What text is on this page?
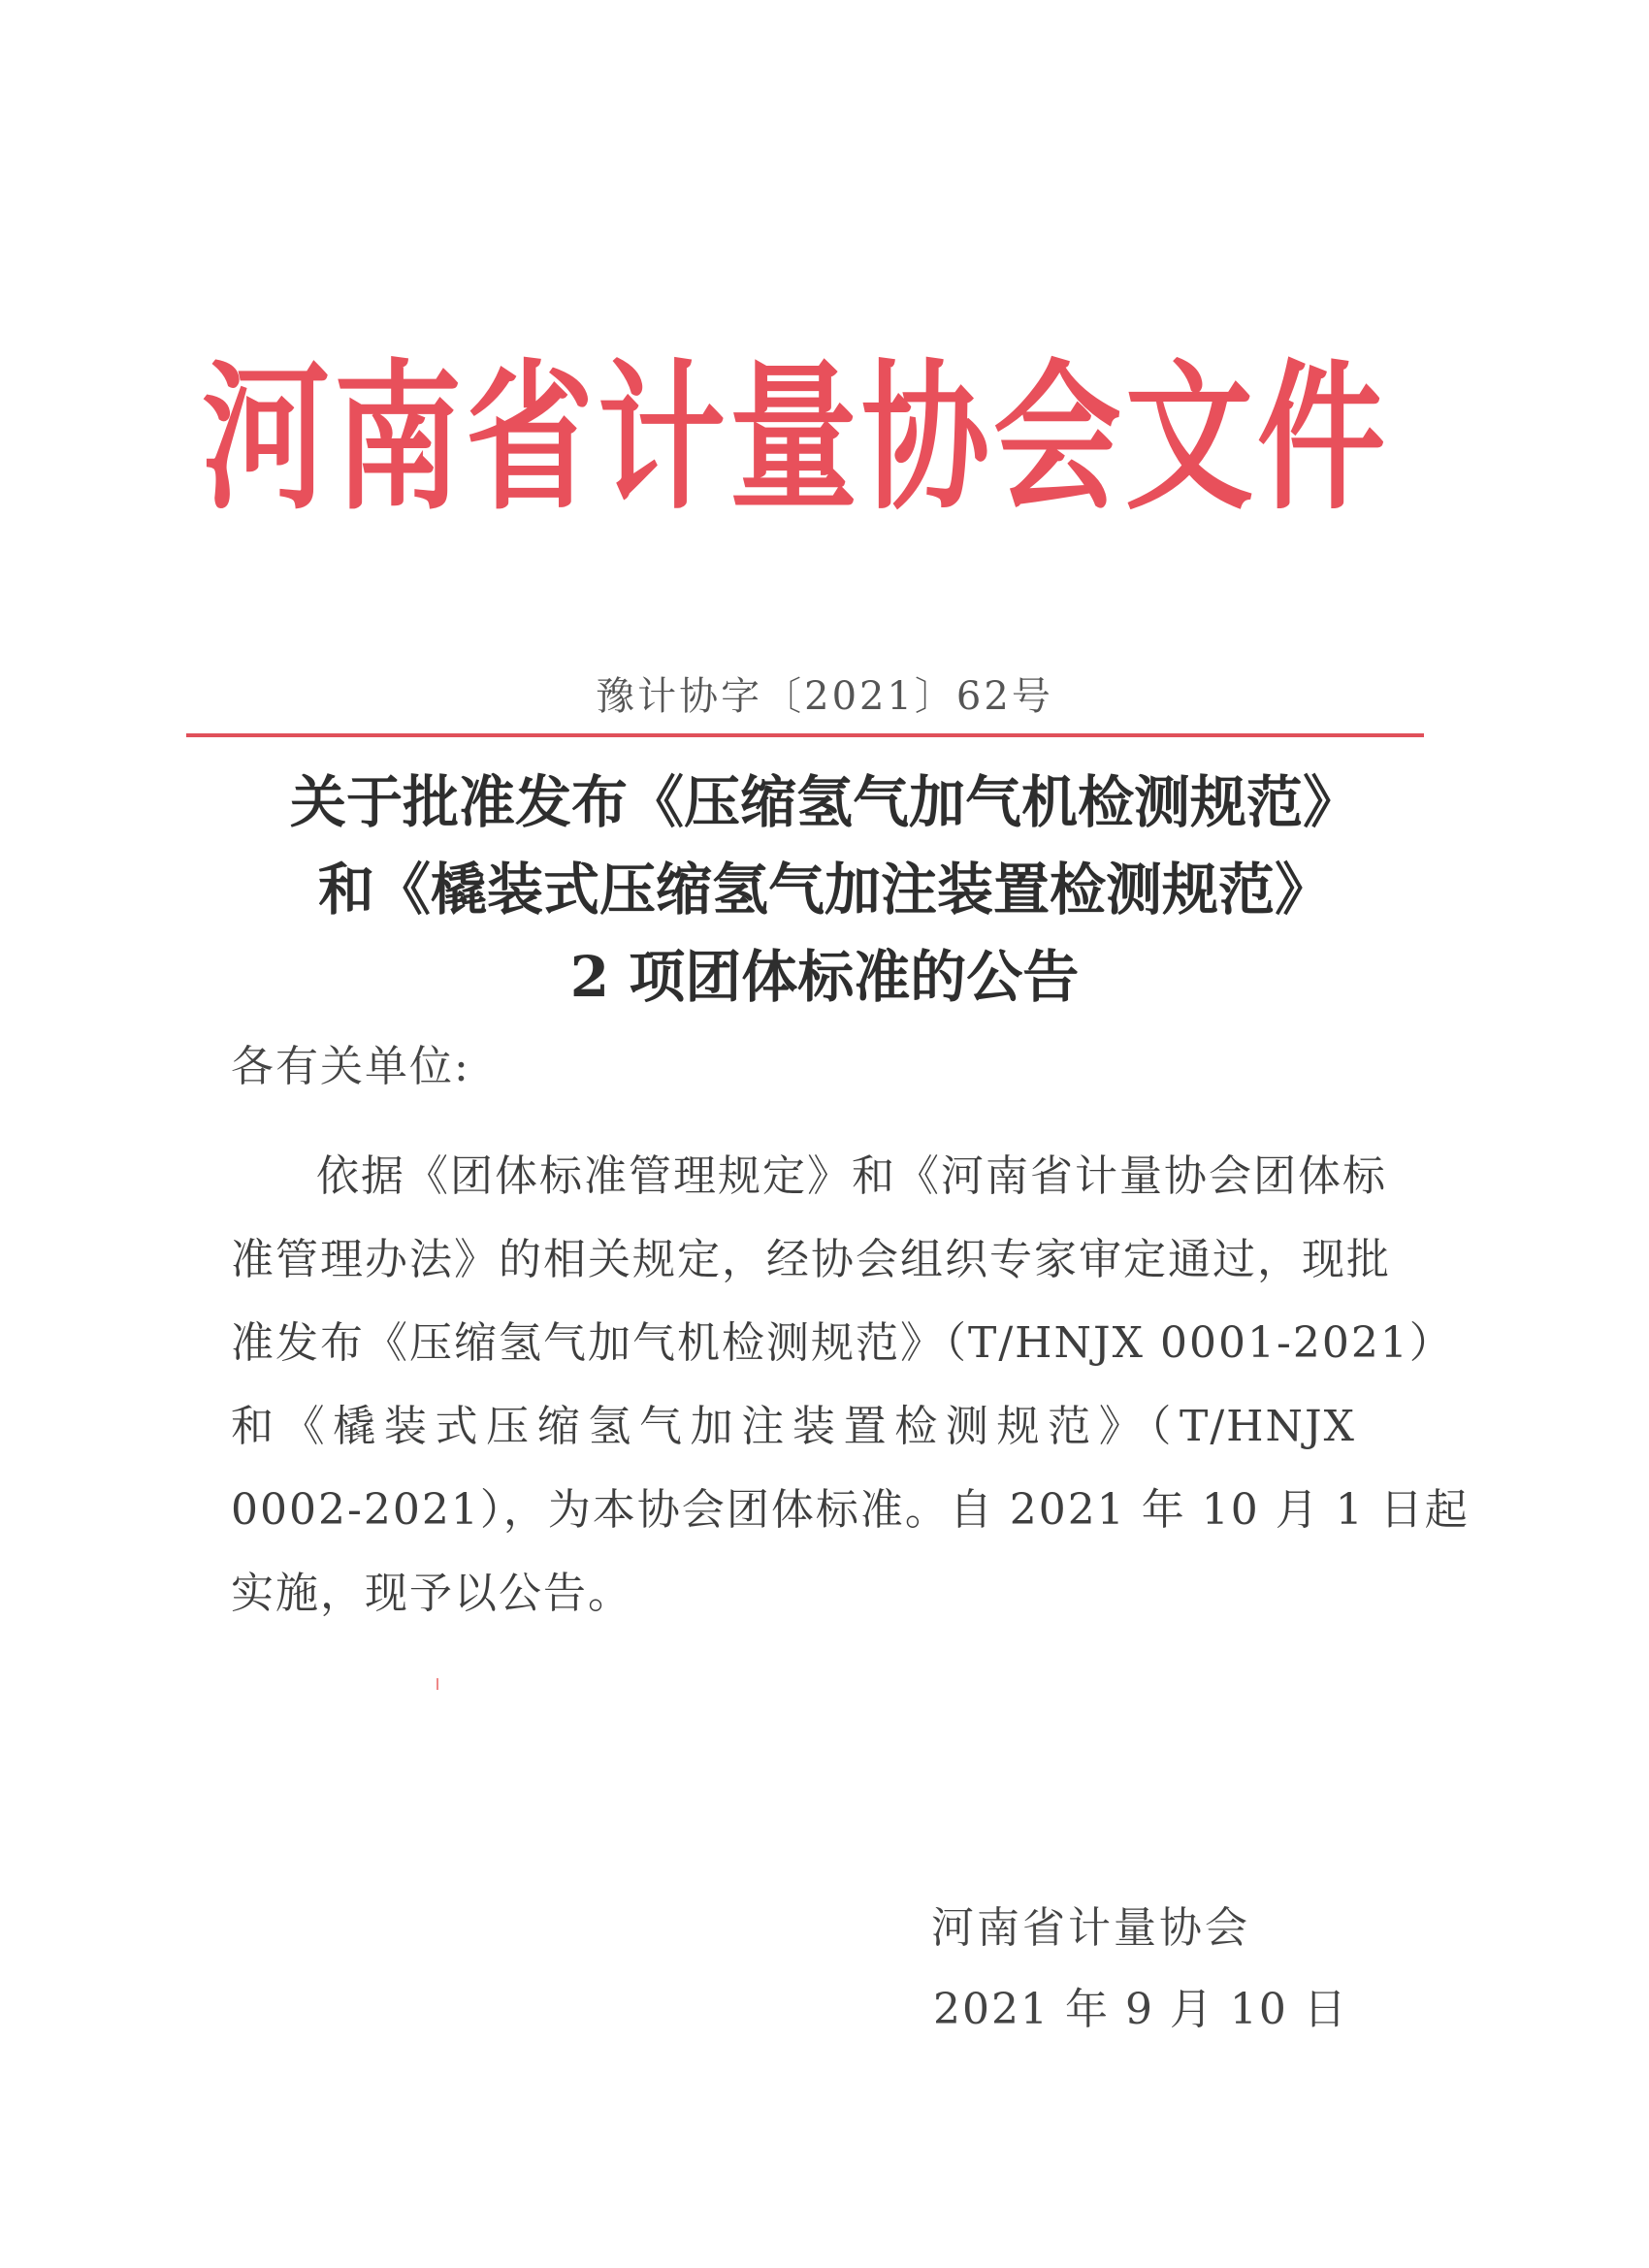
河南省计量协会文件
豫计协字〔2021〕62号
关于批准发布《压缩氢气加气机检测规范》
和《橇装式压缩氢气加注装置检测规范》
2 项团体标准的公告
各有关单位:
依据《团体标准管理规定》和《河南省计量协会团体标
准管理办法》的相关规定，经协会组织专家审定通过，现批
准发布《压缩氢气加气机检测规范》（T/HNJX 0001-2021）
和《橇装式压缩氢气加注装置检测规范》（T/HNJX
0002-2021），为本协会团体标准。自 2021 年 10 月 1 日起
实施，现予以公告。
河南省计量协会
2021 年 9 月 10 日
